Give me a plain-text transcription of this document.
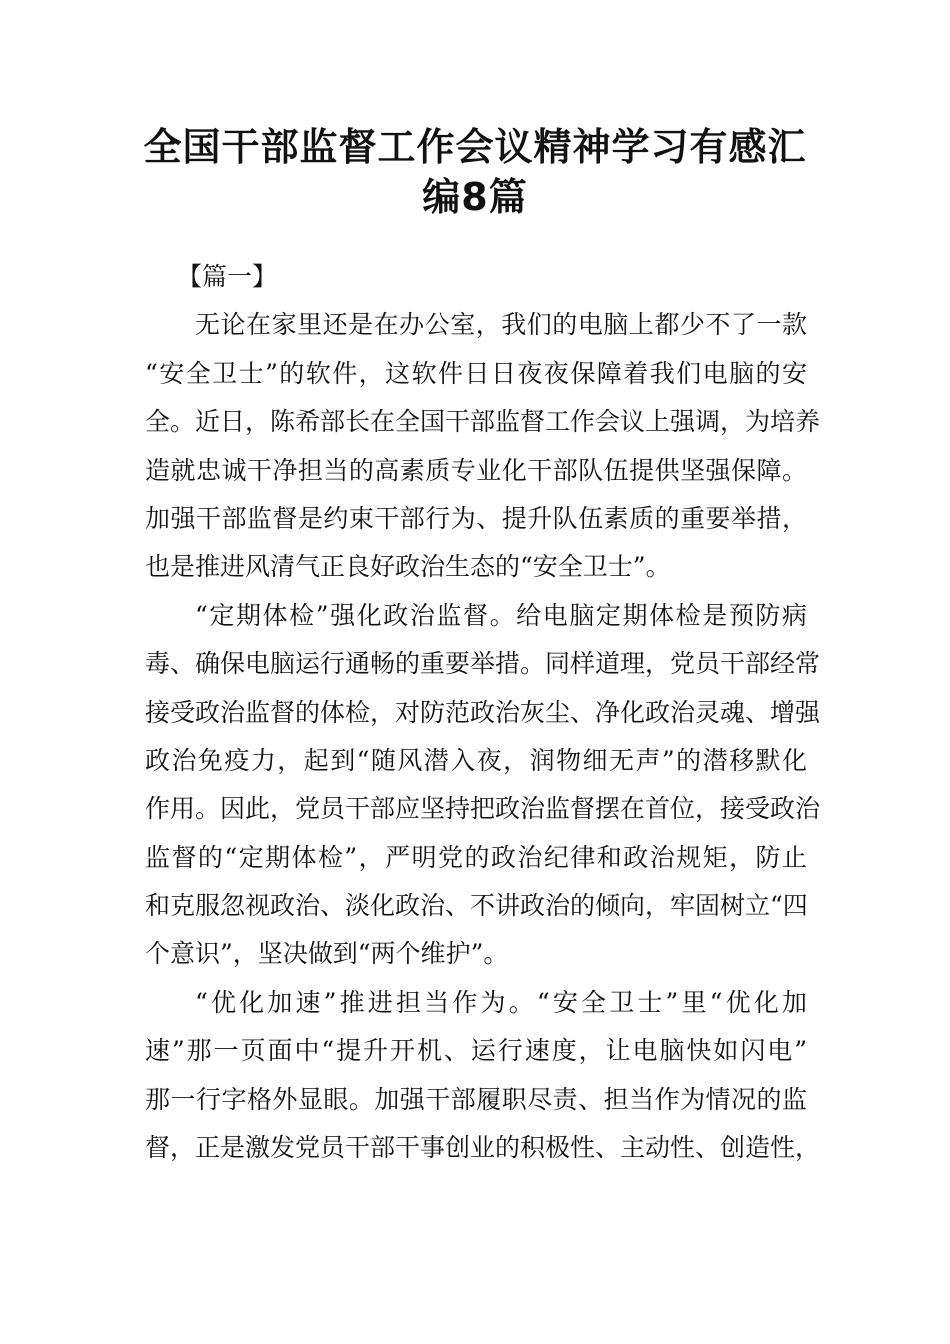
全国干部监督工作会议精神学习有感汇
编8篇
【篇一】
无论在家里还是在办公室，我们的电脑上都少不了一款
“安全卫士”的软件，这软件日日夜夜保障着我们电脑的安
全。近日，陈希部长在全国干部监督工作会议上强调，为培养
造就忠诚干净担当的高素质专业化干部队伍提供坚强保障。
加强干部监督是约束干部行为、提升队伍素质的重要举措，
也是推进风清气正良好政治生态的“安全卫士”。
“定期体检”强化政治监督。给电脑定期体检是预防病
毒、确保电脑运行通畅的重要举措。同样道理，党员干部经常
接受政治监督的体检，对防范政治灰尘、净化政治灵魂、增强
政治免疫力，起到“随风潜入夜，润物细无声”的潜移默化
作用。因此，党员干部应坚持把政治监督摆在首位，接受政治
监督的“定期体检”，严明党的政治纪律和政治规矩，防止
和克服忽视政治、淡化政治、不讲政治的倾向，牢固树立“四
个意识”，坚决做到“两个维护”。
“优化加速”推进担当作为。“安全卫士”里“优化加
速”那一页面中“提升开机、运行速度，让电脑快如闪电”
那一行字格外显眼。加强干部履职尽责、担当作为情况的监
督，正是激发党员干部干事创业的积极性、主动性、创造性，
